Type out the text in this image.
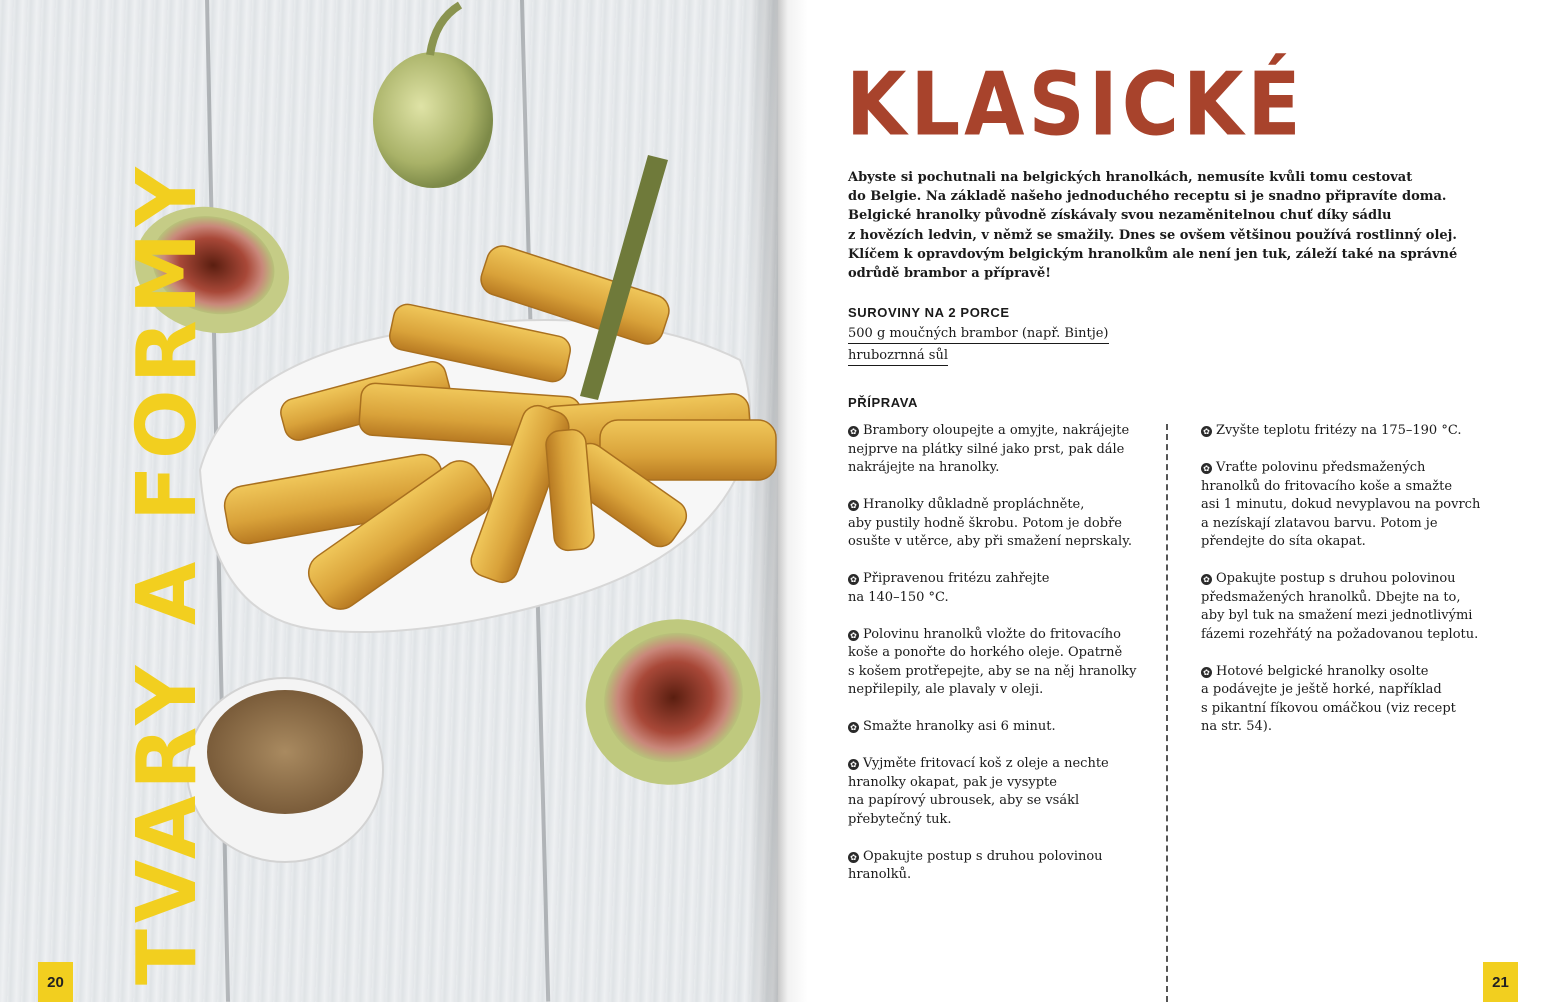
TVARY A FORMY
20
KLASICKÉ
Abyste si pochutnali na belgických hranolkách, nemusíte kvůli tomu cestovat
do Belgie. Na základě našeho jednoduchého receptu si je snadno připravíte doma.
Belgické hranolky původně získávaly svou nezaměnitelnou chuť díky sádlu
z hovězích ledvin, v němž se smažily. Dnes se ovšem většinou používá rostlinný olej.
Klíčem k opravdovým belgickým hranolkům ale není jen tuk, záleží také na správné
odrůdě brambor a přípravě!
SUROVINY NA 2 PORCE
500 g moučných brambor (např. Bintje)
hrubozrnná sůl
PŘÍPRAVA
✿ Brambory oloupejte a omyjte, nakrájejte
nejprve na plátky silné jako prst, pak dále
nakrájejte na hranolky.
✿ Hranolky důkladně propláchněte,
aby pustily hodně škrobu. Potom je dobře
osušte v utěrce, aby při smažení neprskaly.
✿ Připravenou fritézu zahřejte
na 140–150 °C.
✿ Polovinu hranolků vložte do fritovacího
koše a ponořte do horkého oleje. Opatrně
s košem protřepejte, aby se na něj hranolky
nepřilepily, ale plavaly v oleji.
✿ Smažte hranolky asi 6 minut.
✿ Vyjměte fritovací koš z oleje a nechte
hranolky okapat, pak je vysypte
na papírový ubrousek, aby se vsákl
přebytečný tuk.
✿ Opakujte postup s druhou polovinou
hranolků.
✿ Zvyšte teplotu fritézy na 175–190 °C.
✿ Vraťte polovinu předsmažených
hranolků do fritovacího koše a smažte
asi 1 minutu, dokud nevyplavou na povrch
a nezískají zlatavou barvu. Potom je
přendejte do síta okapat.
✿ Opakujte postup s druhou polovinou
předsmažených hranolků. Dbejte na to,
aby byl tuk na smažení mezi jednotlivými
fázemi rozehřátý na požadovanou teplotu.
✿ Hotové belgické hranolky osolte
a podávejte je ještě horké, například
s pikantní fíkovou omáčkou (viz recept
na str. 54).
21
